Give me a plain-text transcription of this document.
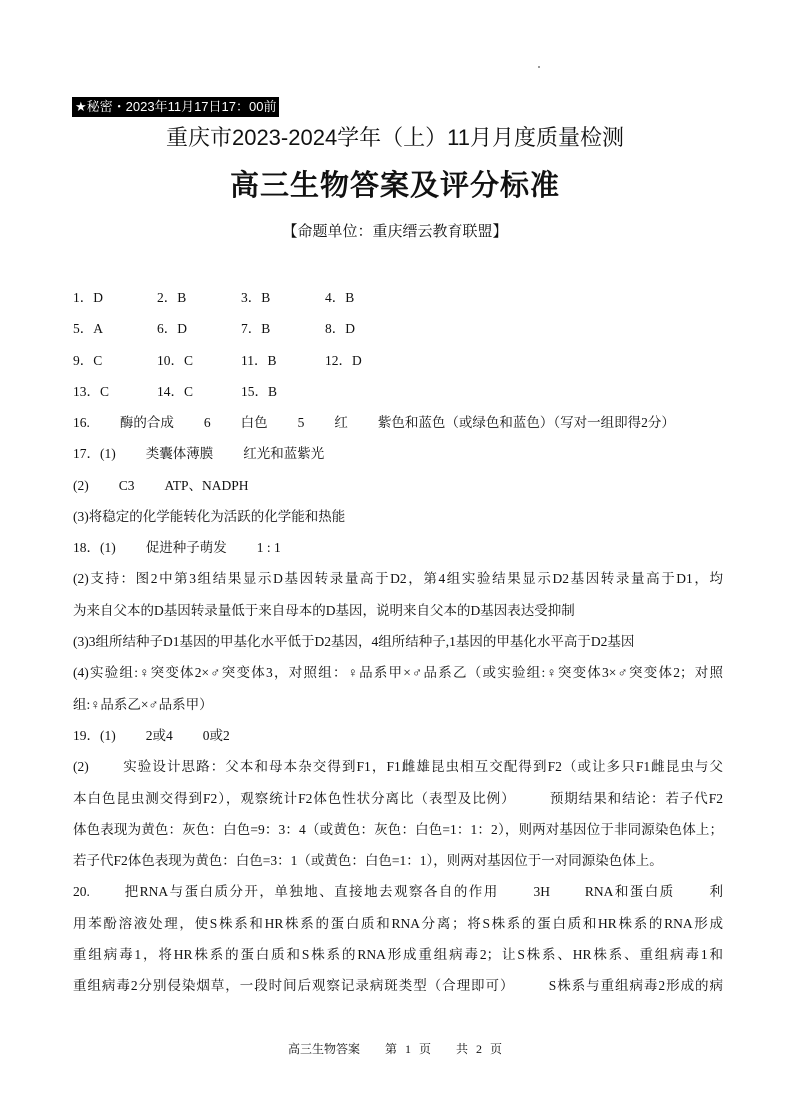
★秘密・2023年11月17日17：00前
重庆市2023-2024学年（上）11月月度质量检测
高三生物答案及评分标准
【命题单位：重庆缙云教育联盟】
1．D	2．B	3．B	4．B
5．A	6．D	7．B	8．D
9．C	10．C	11．B	12．D
13．C	14．C	15．B
16. 酶的合成 6 白色 5 红 紫色和蓝色（或绿色和蓝色）（写对一组即得2分）
17．(1) 类囊体薄膜 红光和蓝紫光
(2) C3 ATP、NADPH
(3)将稳定的化学能转化为活跃的化学能和热能
18．(1) 促进种子萌发 1 : 1
(2)支持：图2中第3组结果显示D基因转录量高于D2，第4组实验结果显示D2基因转录量高于D1，均
为来自父本的D基因转录量低于来自母本的D基因，说明来自父本的D基因表达受抑制
(3)3组所结种子D1基因的甲基化水平低于D2基因，4组所结种子,1基因的甲基化水平高于D2基因
(4)实验组:♀突变体2×♂突变体3，对照组：♀品系甲×♂品系乙（或实验组:♀突变体3×♂突变体2；对照
组:♀品系乙×♂品系甲）
19．(1) 2或4 0或2
(2)	实验设计思路：父本和母本杂交得到F1，F1雌雄昆虫相互交配得到F2（或让多只F1雌昆虫与父
本白色昆虫测交得到F2），观察统计F2体色性状分离比（表型及比例）	预期结果和结论：若子代F2
体色表现为黄色：灰色：白色=9：3：4（或黄色：灰色：白色=1：1：2），则两对基因位于非同源染色体上；
若子代F2体色表现为黄色：白色=3：1（或黄色：白色=1：1），则两对基因位于一对同源染色体上。
20.	把RNA与蛋白质分开，单独地、直接地去观察各自的作用	3H	RNA和蛋白质	利
用苯酚溶液处理，使S株系和HR株系的蛋白质和RNA分离；将S株系的蛋白质和HR株系的RNA形成
重组病毒1，将HR株系的蛋白质和S株系的RNA形成重组病毒2；让S株系、HR株系、重组病毒1和
重组病毒2分别侵染烟草，一段时间后观察记录病斑类型（合理即可）	S株系与重组病毒2形成的病
高三生物答案 第 1 页 共 2 页
